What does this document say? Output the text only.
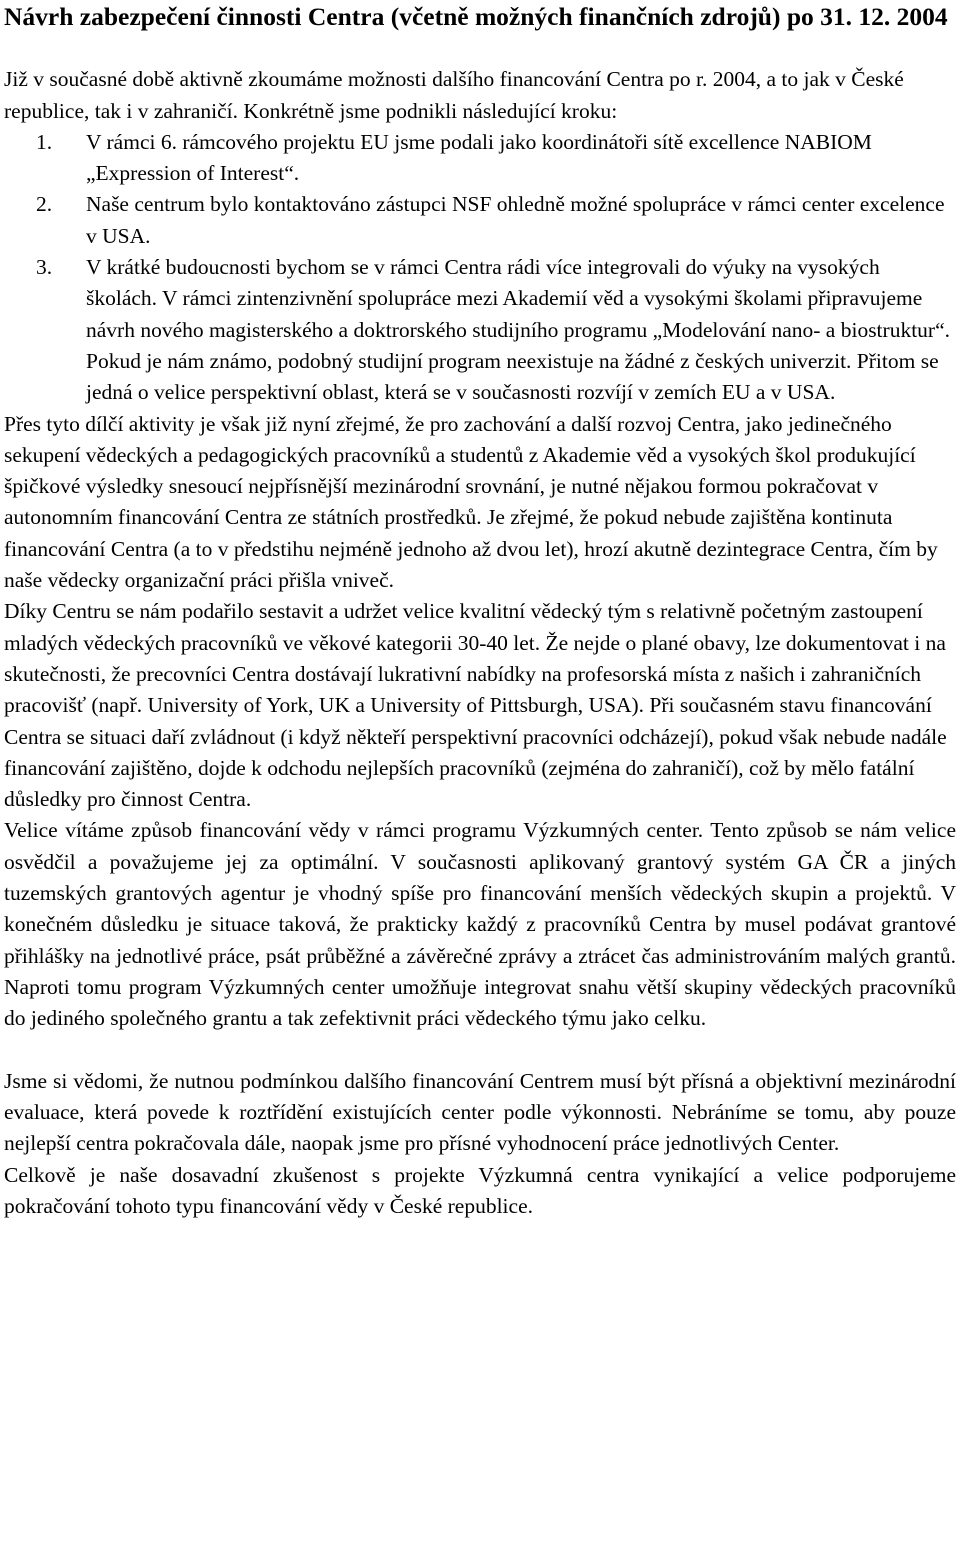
Návrh zabezpečení činnosti Centra (včetně možných finančních zdrojů) po 31. 12. 2004

Již v současné době aktivně zkoumáme možnosti dalšího financování Centra po r. 2004, a to jak v České republice, tak i v zahraničí. Konkrétně jsme podnikli následující kroku:

1. V rámci 6. rámcového projektu EU jsme podali jako koordinátoři sítě excellence NABIOM „Expression of Interest“.
2. Naše centrum bylo kontaktováno zástupci NSF ohledně možné spolupráce v rámci center excelence v USA.
3. V krátké budoucnosti bychom se v rámci Centra rádi více integrovali do výuky na vysokých školách. V rámci zintenzivnění spolupráce mezi Akademií věd a vysokými školami připravujeme návrh nového magisterského a doktrorského studijního programu „Modelování nano- a biostruktur“. Pokud je nám známo, podobný studijní program neexistuje na žádné z českých univerzit. Přitom se jedná o velice perspektivní oblast, která se v současnosti rozvíjí v zemích EU a v USA.

Přes tyto dílčí aktivity je však již nyní zřejmé, že pro zachování a další rozvoj Centra, jako jedinečného sekupení vědeckých a pedagogických pracovníků a studentů z Akademie věd a vysokých škol produkující špičkové výsledky snesoucí nejpřísnější mezinárodní srovnání, je nutné nějakou formou pokračovat v autonomním financování Centra ze státních prostředků. Je zřejmé, že pokud nebude zajištěna kontinuta financování Centra (a to v předstihu nejméně jednoho až dvou let), hrozí akutně dezintegrace Centra, čím by naše vědecky organizační práci přišla vniveč.

Díky Centru se nám podařilo sestavit a udržet velice kvalitní vědecký tým s relativně početným zastoupení mladých vědeckých pracovníků ve věkové kategorii 30-40 let. Že nejde o plané obavy, lze dokumentovat i na skutečnosti, že precovníci Centra dostávají lukrativní nabídky na profesorská místa z našich i zahraničních pracovišť (např. University of York, UK a University of Pittsburgh, USA). Při současném stavu financování Centra se situaci daří zvládnout (i když někteří perspektivní pracovníci odcházejí), pokud však nebude nadále financování zajištěno, dojde k odchodu nejlepších pracovníků (zejména do zahraničí), což by mělo fatální důsledky pro činnost Centra.

Velice vítáme způsob financování vědy v rámci programu Výzkumných center. Tento způsob se nám velice osvědčil a považujeme jej za optimální. V současnosti aplikovaný grantový systém GA ČR a jiných tuzemských grantových agentur je vhodný spíše pro financování menších vědeckých skupin a projektů. V konečném důsledku je situace taková, že prakticky každý z pracovníků Centra by musel podávat grantové přihlášky na jednotlivé práce, psát průběžné a závěrečné zprávy a ztrácet čas administrováním malých grantů. Naproti tomu program Výzkumných center umožňuje integrovat snahu větší skupiny vědeckých pracovníků do jediného společného grantu a tak zefektivnit práci vědeckého týmu jako celku.

Jsme si vědomi, že nutnou podmínkou dalšího financování Centrem musí být přísná a objektivní mezinárodní evaluace, která povede k roztřídění existujících center podle výkonnosti. Nebráníme se tomu, aby pouze nejlepší centra pokračovala dále, naopak jsme pro přísné vyhodnocení práce jednotlivých Center.

Celkově je naše dosavadní zkušenost s projekte Výzkumná centra vynikající a velice podporujeme pokračování tohoto typu financování vědy v České republice.
